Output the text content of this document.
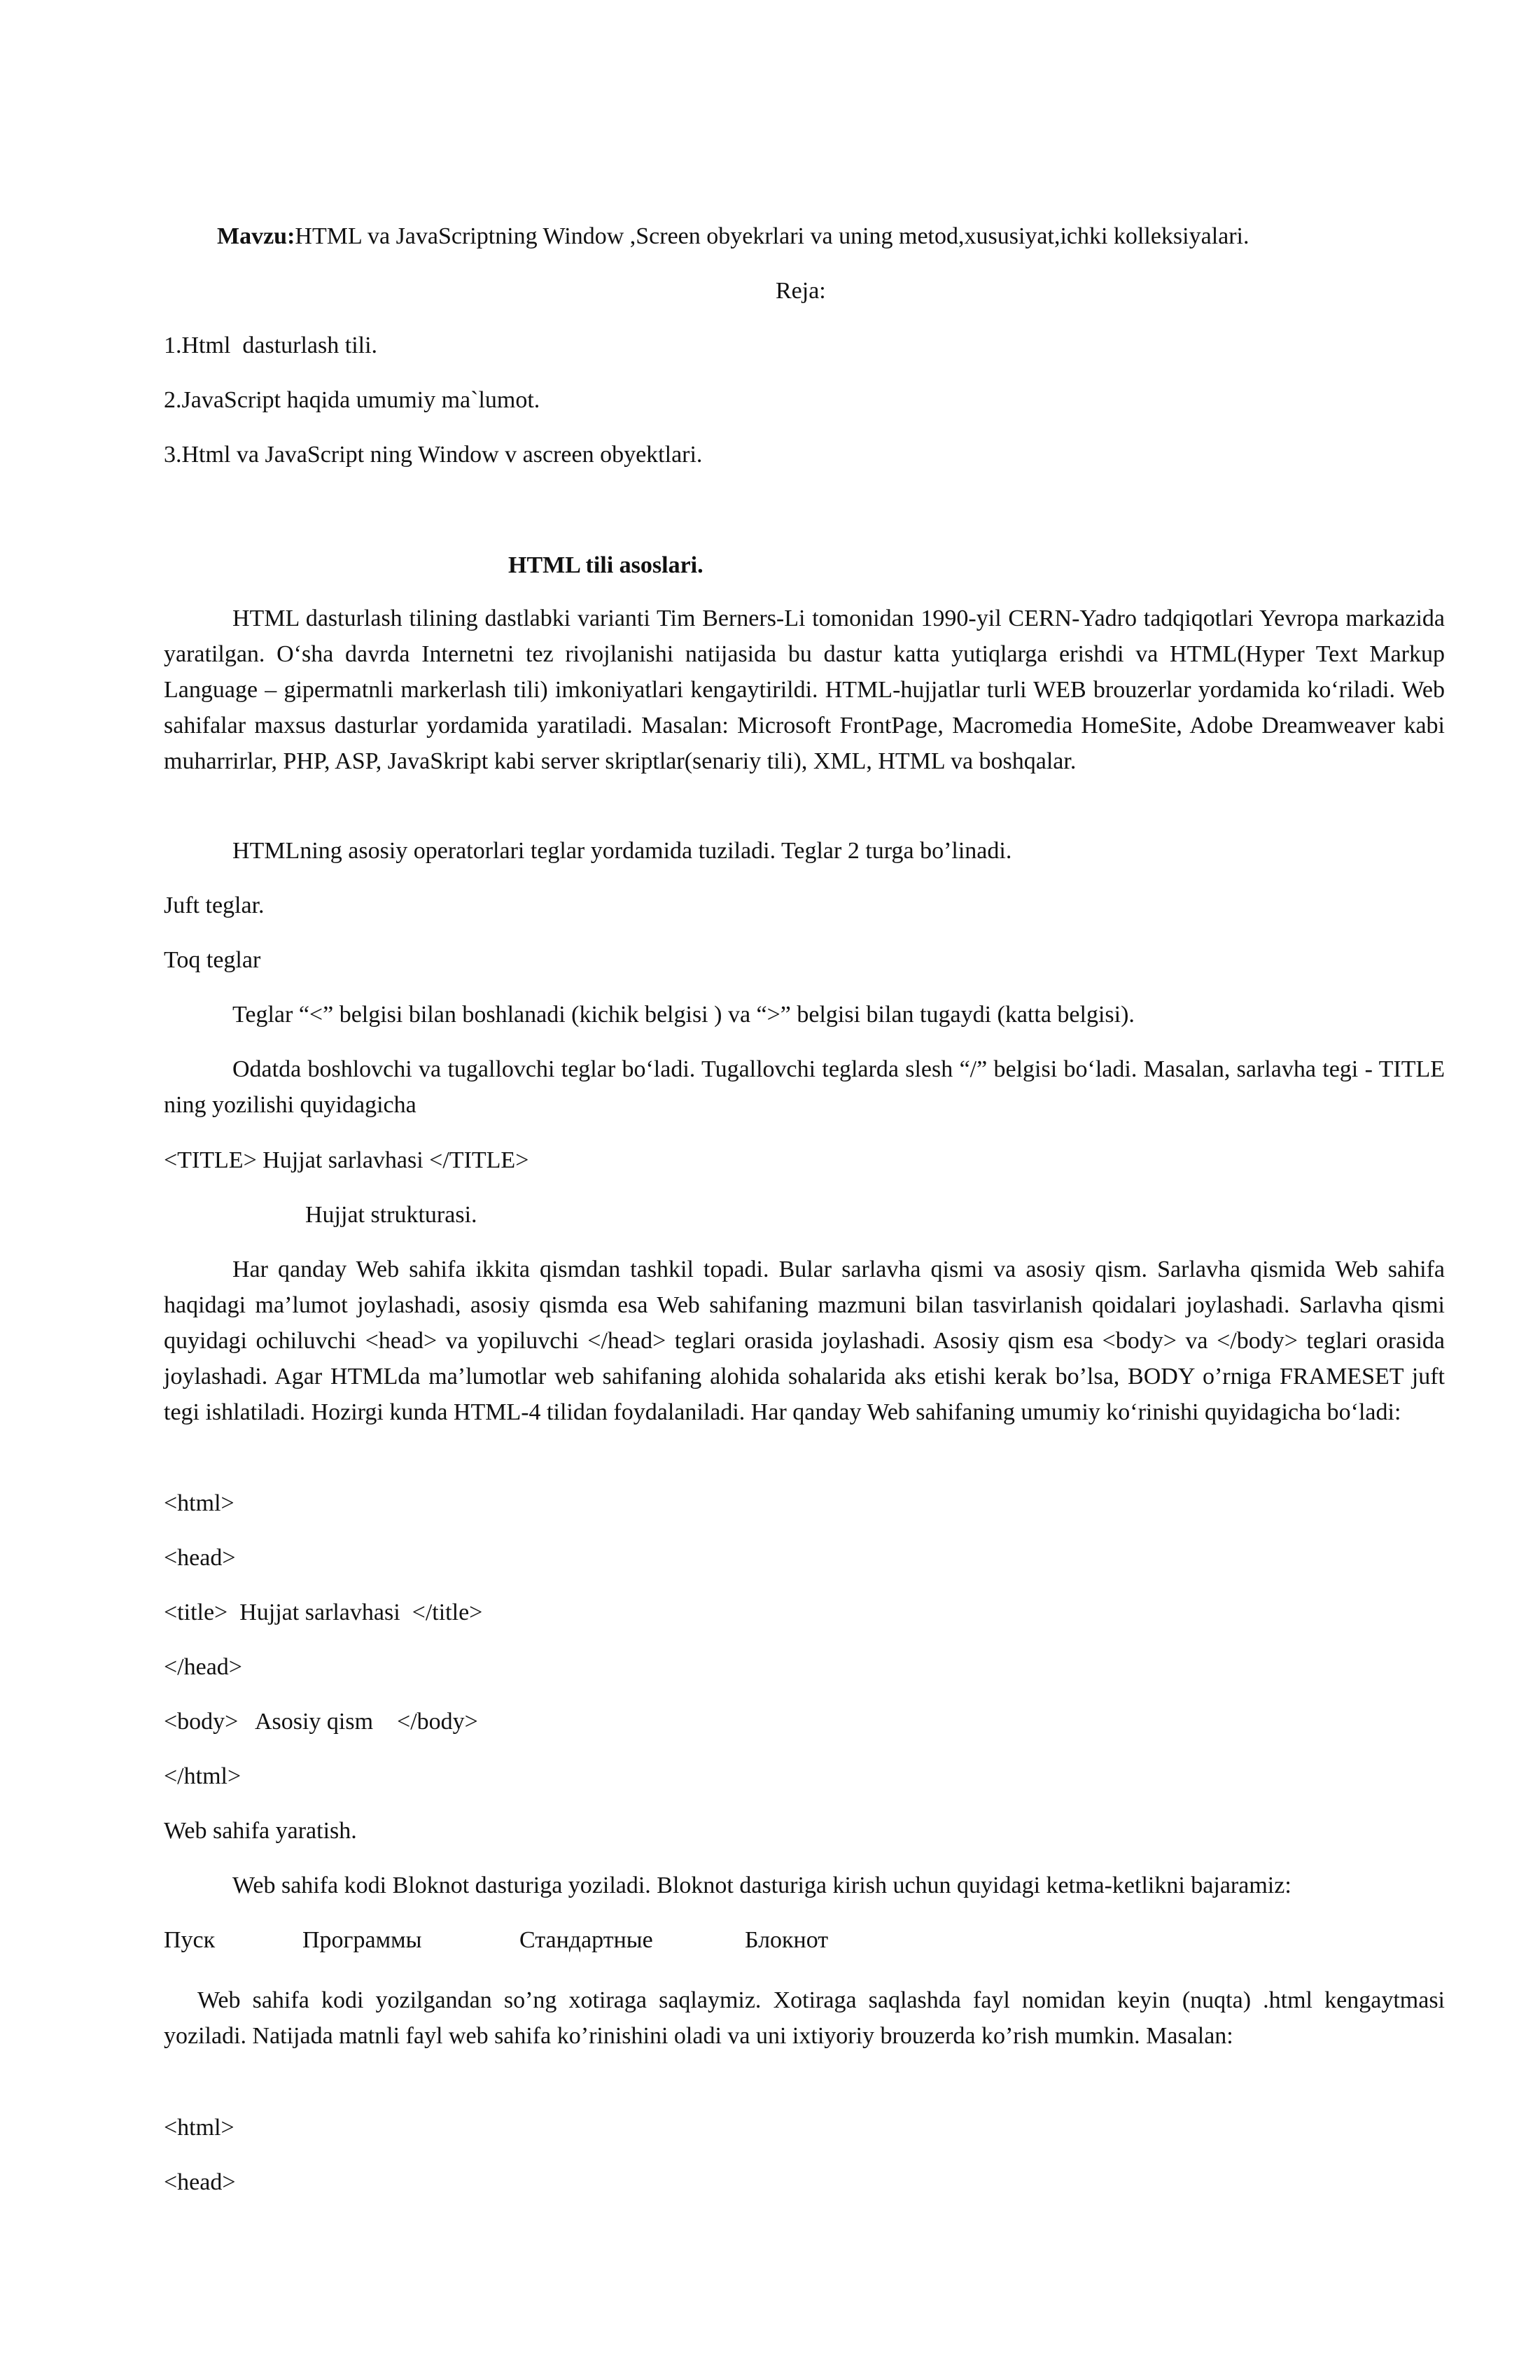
Mavzu:HTML va JavaScriptning Window ,Screen obyekrlari va uning metod,xususiyat,ichki kolleksiyalari.
Reja:
1.Html  dasturlash tili.
2.JavaScript haqida umumiy ma`lumot.
3.Html va JavaScript ning Window v ascreen obyektlari.
HTML tili asoslari.
HTML dasturlash tilining dastlabki varianti Tim Berners-Li tomonidan 1990-yil CERN-Yadro tadqiqotlari Yevropa markazida yaratilgan. O‘sha davrda Internetni tez rivojlanishi natijasida bu dastur katta yutiqlarga erishdi va HTML(Hyper Text Markup Language – gipermatnli markerlash tili) imkoniyatlari kengaytirildi. HTML-hujjatlar turli WEB brouzerlar yordamida ko‘riladi. Web sahifalar maxsus dasturlar yordamida yaratiladi. Masalan: Microsoft FrontPage, Macromedia HomeSite, Adobe Dreamweaver kabi muharrirlar, PHP, ASP, JavaSkript kabi server skriptlar(senariy tili), XML, HTML va boshqalar.
HTMLning asosiy operatorlari teglar yordamida tuziladi. Teglar 2 turga bo’linadi.
Juft teglar.
Toq teglar
Teglar “<” belgisi bilan boshlanadi (kichik belgisi ) va “>” belgisi bilan tugaydi (katta belgisi).
Odatda boshlovchi va tugallovchi teglar bo‘ladi. Tugallovchi teglarda slesh “/” belgisi bo‘ladi. Masalan, sarlavha tegi - TITLE ning yozilishi quyidagicha
<TITLE> Hujjat sarlavhasi </TITLE>
Hujjat strukturasi.
Har qanday Web sahifa ikkita qismdan tashkil topadi. Bular sarlavha qismi va asosiy qism. Sarlavha qismida Web sahifa haqidagi ma’lumot joylashadi, asosiy qismda esa Web sahifaning mazmuni bilan tasvirlanish qoidalari joylashadi. Sarlavha qismi quyidagi ochiluvchi <head> va yopiluvchi </head> teglari orasida joylashadi. Asosiy qism esa <body> va </body> teglari orasida joylashadi. Agar HTMLda ma’lumotlar web sahifaning alohida sohalarida aks etishi kerak bo’lsa, BODY o’rniga FRAMESET juft tegi ishlatiladi. Hozirgi kunda HTML-4 tilidan foydalaniladi. Har qanday Web sahifaning umumiy ko‘rinishi quyidagicha bo‘ladi:
<html>
<head>
<title>  Hujjat sarlavhasi  </title>
</head>
<body>   Asosiy qism    </body>
</html>
Web sahifa yaratish.
Web sahifa kodi Bloknot dasturiga yoziladi. Bloknot dasturiga kirish uchun quyidagi ketma-ketlikni bajaramiz:

Пуск

	Программы

	Стандартные

	Блокнот

Web sahifa kodi yozilgandan so’ng xotiraga saqlaymiz. Xotiraga saqlashda fayl nomidan keyin (nuqta) .html kengaytmasi yoziladi. Natijada matnli fayl web sahifa ko’rinishini oladi va uni ixtiyoriy brouzerda ko’rish mumkin. Masalan:
<html>
<head>
